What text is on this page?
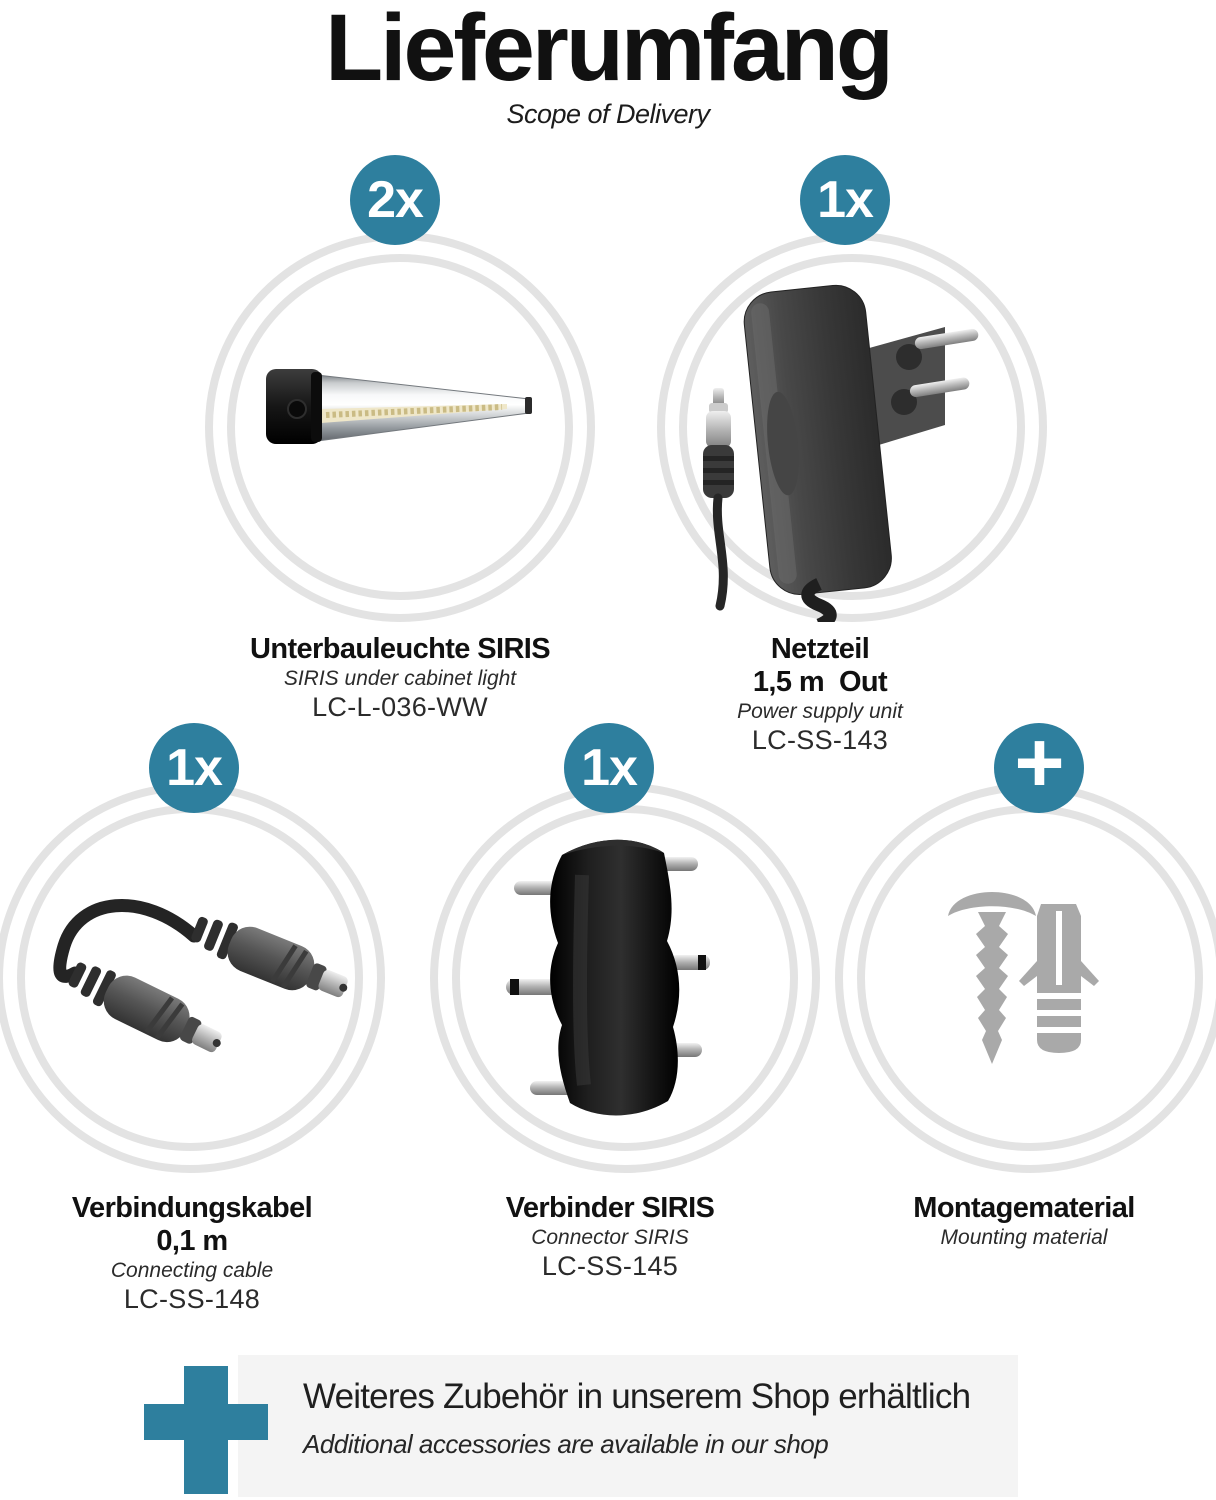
Lieferumfang
Scope of Delivery
2x
Unterbauleuchte SIRIS
SIRIS under cabinet light
LC-L-036-WW
1x
Netzteil
1,5 m  Out
Power supply unit
LC-SS-143
1x
Verbindungskabel
0,1 m
Connecting cable
LC-SS-148
1x
Verbinder SIRIS
Connector SIRIS
LC-SS-145
+
Montagematerial
Mounting material
Weiteres Zubehör in unserem Shop erhältlich
Additional accessories are available in our shop
